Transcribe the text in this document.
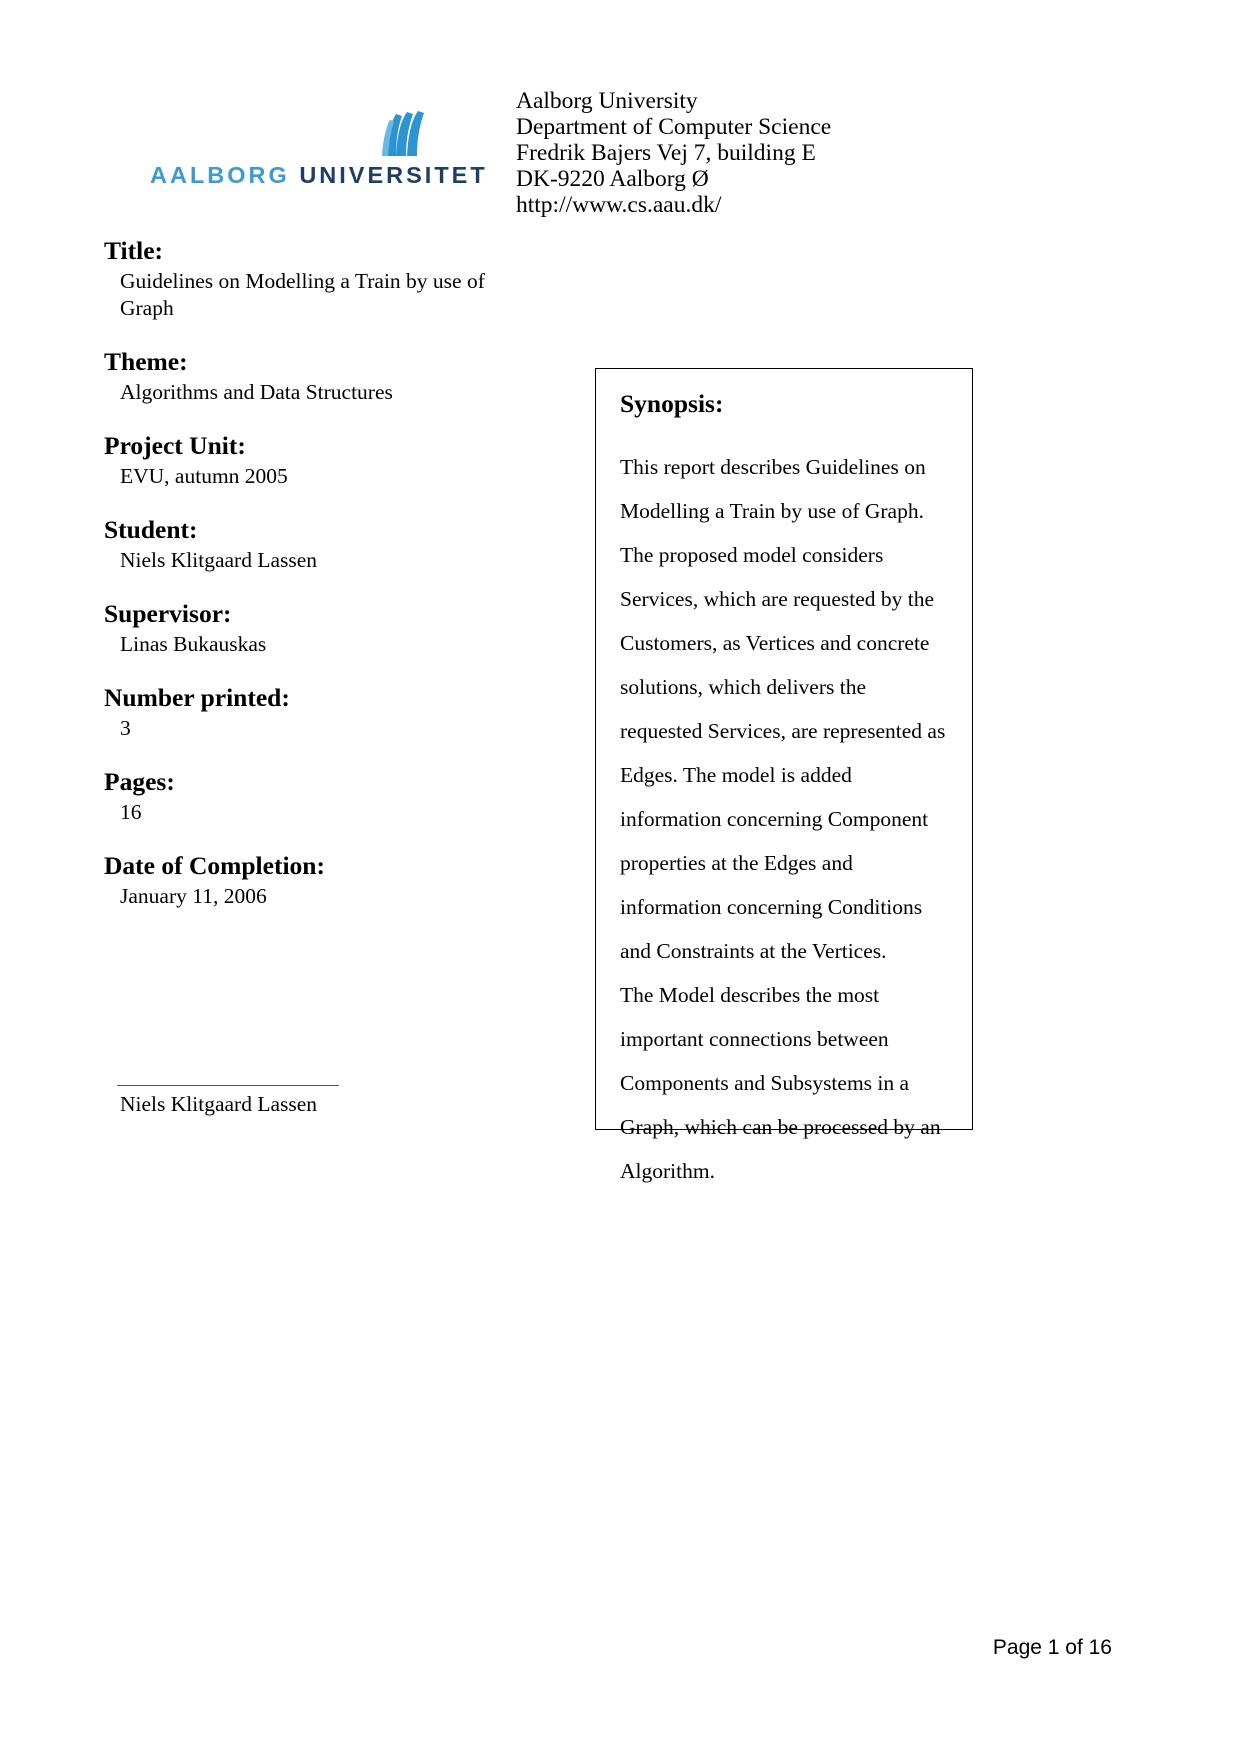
AALBORG UNIVERSITET
Aalborg University
Department of Computer Science
Fredrik Bajers Vej 7, building E
DK-9220 Aalborg Ø
http://www.cs.aau.dk/
Title:
Guidelines on Modelling a Train by use of Graph
Theme:
Algorithms and Data Structures
Project Unit:
EVU, autumn 2005
Student:
Niels Klitgaard Lassen
Supervisor:
Linas Bukauskas
Number printed:
3
Pages:
16
Date of Completion:
January 11, 2006
Niels Klitgaard Lassen
Synopsis:

This report describes Guidelines on Modelling a Train by use of Graph. The proposed model considers Services, which are requested by the Customers, as Vertices and concrete solutions, which delivers the requested Services, are represented as Edges. The model is added information concerning Component properties at the Edges and information concerning Conditions and Constraints at the Vertices.

The Model describes the most important connections between Components and Subsystems in a Graph, which can be processed by an Algorithm.

Page 1 of 16
